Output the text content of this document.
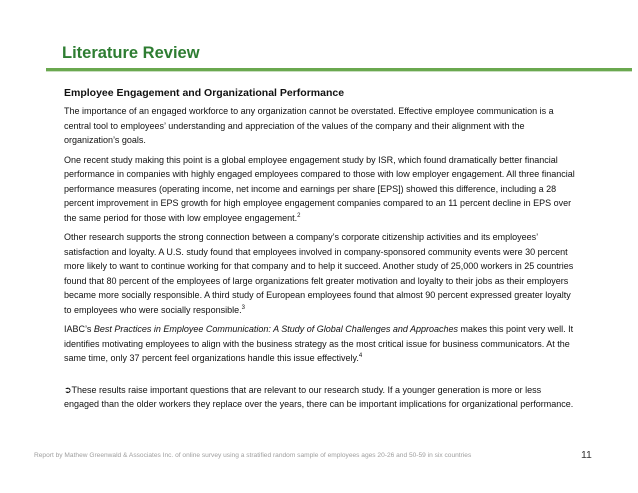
Literature Review

Employee Engagement and Organizational Performance

The importance of an engaged workforce to any organization cannot be overstated. Effective employee communication is a central tool to employees’ understanding and appreciation of the values of the company and their alignment with the organization’s goals.

One recent study making this point is a global employee engagement study by ISR, which found dramatically better financial performance in companies with highly engaged employees compared to those with low employer engagement. All three financial performance measures (operating income, net income and earnings per share [EPS]) showed this difference, including a 28 percent improvement in EPS growth for high employee engagement companies compared to an 11 percent decline in EPS over the same period for those with low employee engagement.$^2$

Other research supports the strong connection between a company’s corporate citizenship activities and its employees’ satisfaction and loyalty. A U.S. study found that employees involved in company-sponsored community events were 30 percent more likely to want to continue working for that company and to help it succeed. Another study of 25,000 workers in 25 countries found that 80 percent of the employees of large organizations felt greater motivation and loyalty to their jobs as their employers became more socially responsible. A third study of European employees found that almost 90 percent expressed greater loyalty to employees who were socially responsible.$^3$

IABC’s Best Practices in Employee Communication: A Study of Global Challenges and Approaches makes this point very well. It identifies motivating employees to align with the business strategy as the most critical issue for business communicators. At the same time, only 37 percent feel organizations handle this issue effectively.$^4$

➲These results raise important questions that are relevant to our research study. If a younger generation is more or less engaged than the older workers they replace over the years, there can be important implications for organizational performance.

Report by Mathew Greenwald & Associates Inc. of online survey using a stratified random sample of employees ages 20-26 and 50-59 in six countries	11
